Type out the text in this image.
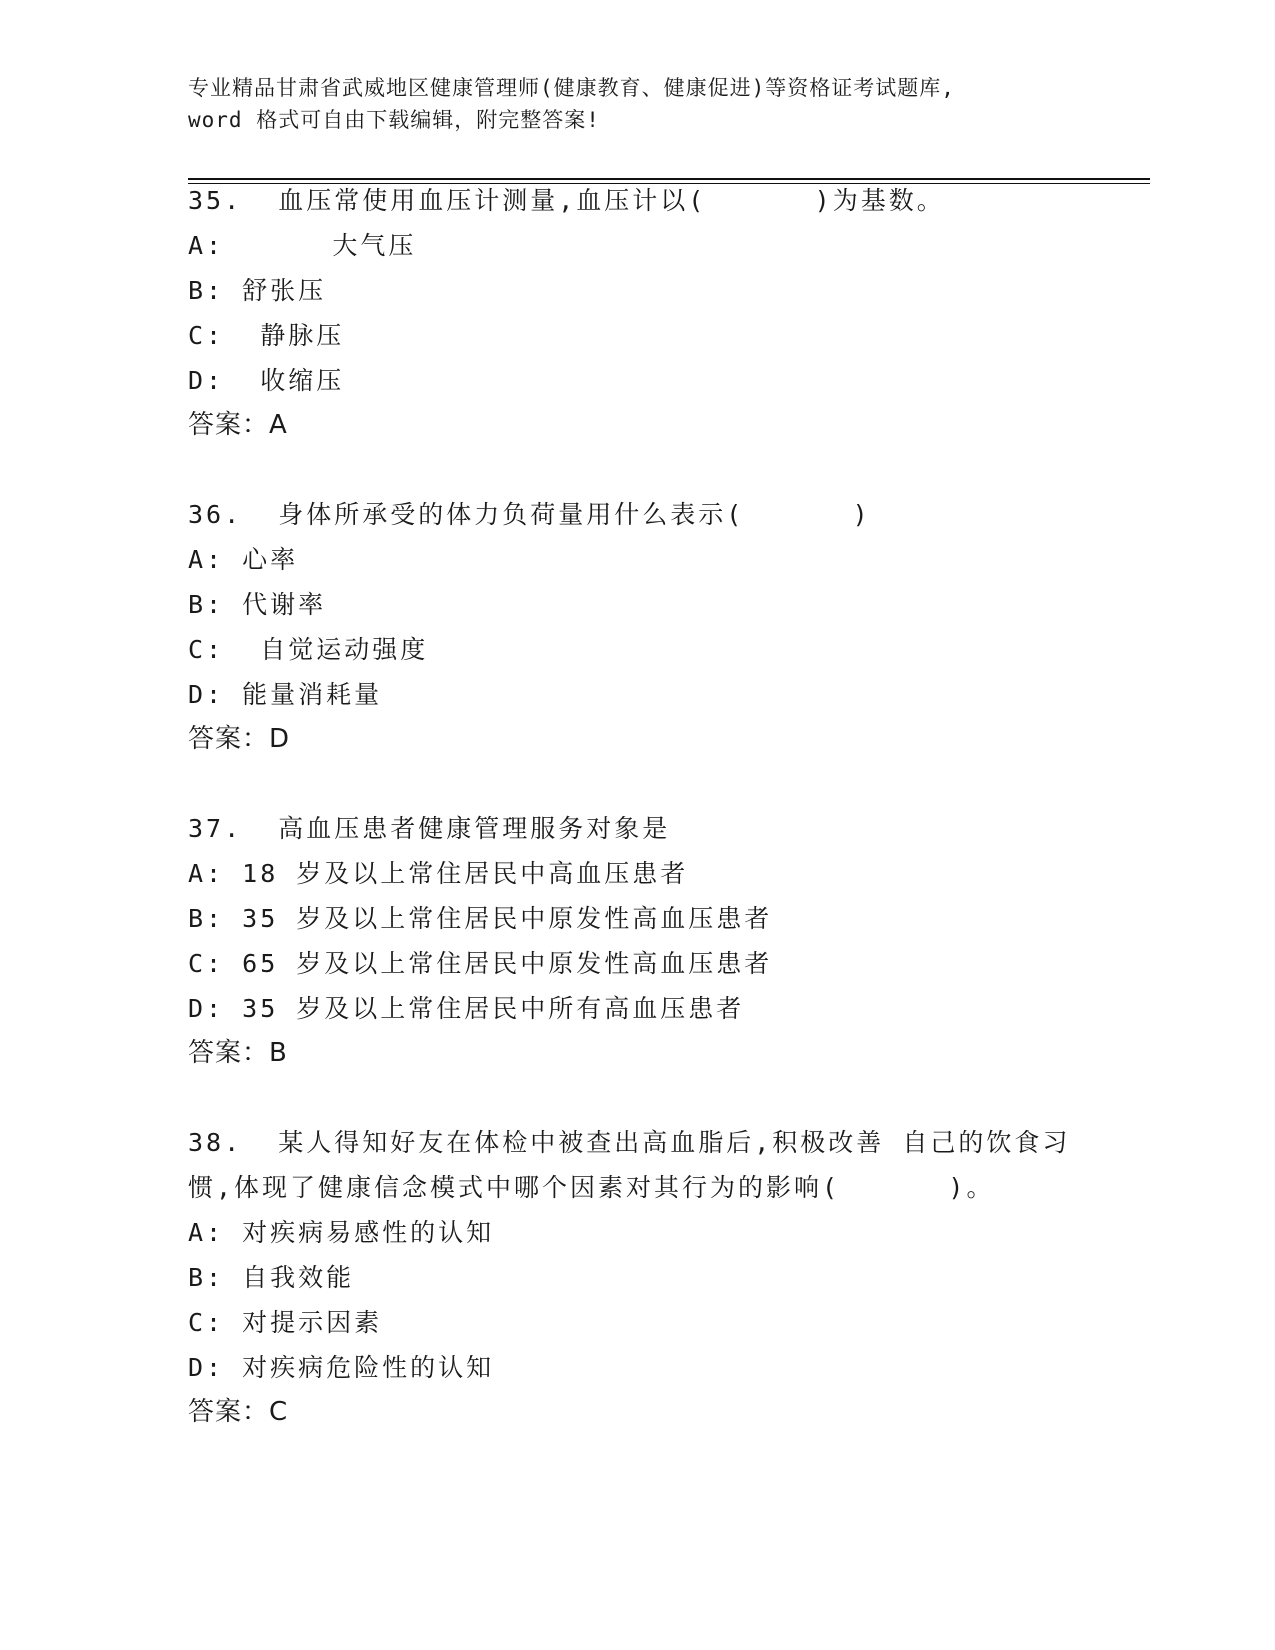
专业精品甘肃省武威地区健康管理师(健康教育、健康促进)等资格证考试题库,
word 格式可自由下载编辑，附完整答案!
35.  血压常使用血压计测量,血压计以(      )为基数。
A:      大气压
B: 舒张压
C:  静脉压
D:  收缩压
答案：A
36.  身体所承受的体力负荷量用什么表示(      )
A: 心率
B: 代谢率
C:  自觉运动强度
D: 能量消耗量
答案：D
37.  高血压患者健康管理服务对象是
A: 18 岁及以上常住居民中高血压患者
B: 35 岁及以上常住居民中原发性高血压患者
C: 65 岁及以上常住居民中原发性高血压患者
D: 35 岁及以上常住居民中所有高血压患者
答案：B
38.  某人得知好友在体检中被查出高血脂后,积极改善 自己的饮食习
惯,体现了健康信念模式中哪个因素对其行为的影响(      )。
A: 对疾病易感性的认知
B: 自我效能
C: 对提示因素
D: 对疾病危险性的认知
答案：C
